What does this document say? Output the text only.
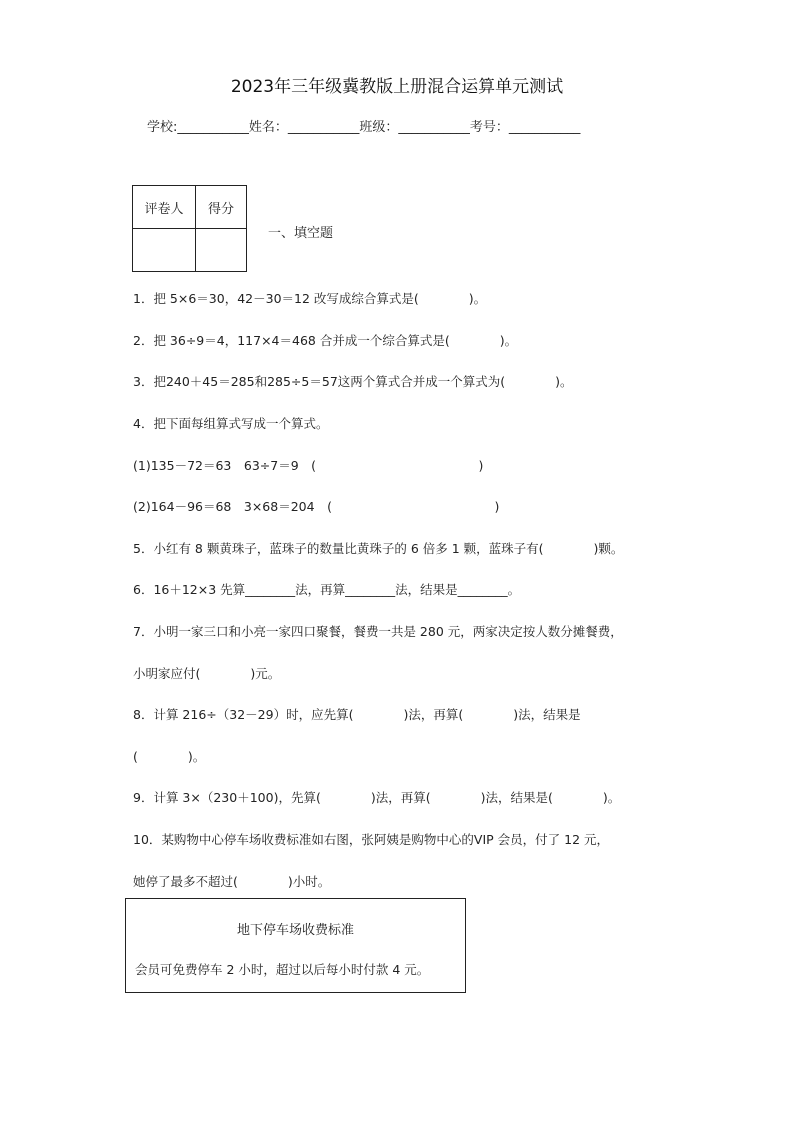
2023年三年级冀教版上册混合运算单元测试
学校:___________姓名：___________班级：___________考号：___________
评卷人	得分

一、填空题
1．把 5×6＝30，42－30＝12 改写成综合算式是(　　　　)。
2．把 36÷9＝4，117×4＝468 合并成一个综合算式是(　　　　)。
3．把240＋45＝285和285÷5＝57这两个算式合并成一个算式为(　　　　)。
4．把下面每组算式写成一个算式。
(1)135－72＝63　63÷7＝9　(　　　　　　　　　　　　　)
(2)164－96＝68　3×68＝204　(　　　　　　　　　　　　　)
5．小红有 8 颗黄珠子，蓝珠子的数量比黄珠子的 6 倍多 1 颗，蓝珠子有(　　　　)颗。
6．16＋12×3 先算________法，再算________法，结果是________。
7．小明一家三口和小亮一家四口聚餐，餐费一共是 280 元，两家决定按人数分摊餐费，
小明家应付(　　　　)元。
8．计算 216÷（32－29）时，应先算(　　　　)法，再算(　　　　)法，结果是
(　　　　)。
9．计算 3×（230＋100)，先算(　　　　)法，再算(　　　　)法，结果是(　　　　)。
10．某购物中心停车场收费标准如右图，张阿姨是购物中心的VIP 会员，付了 12 元，
她停了最多不超过(　　　　)小时。
地下停车场收费标准
会员可免费停车 2 小时，超过以后每小时付款 4 元。
